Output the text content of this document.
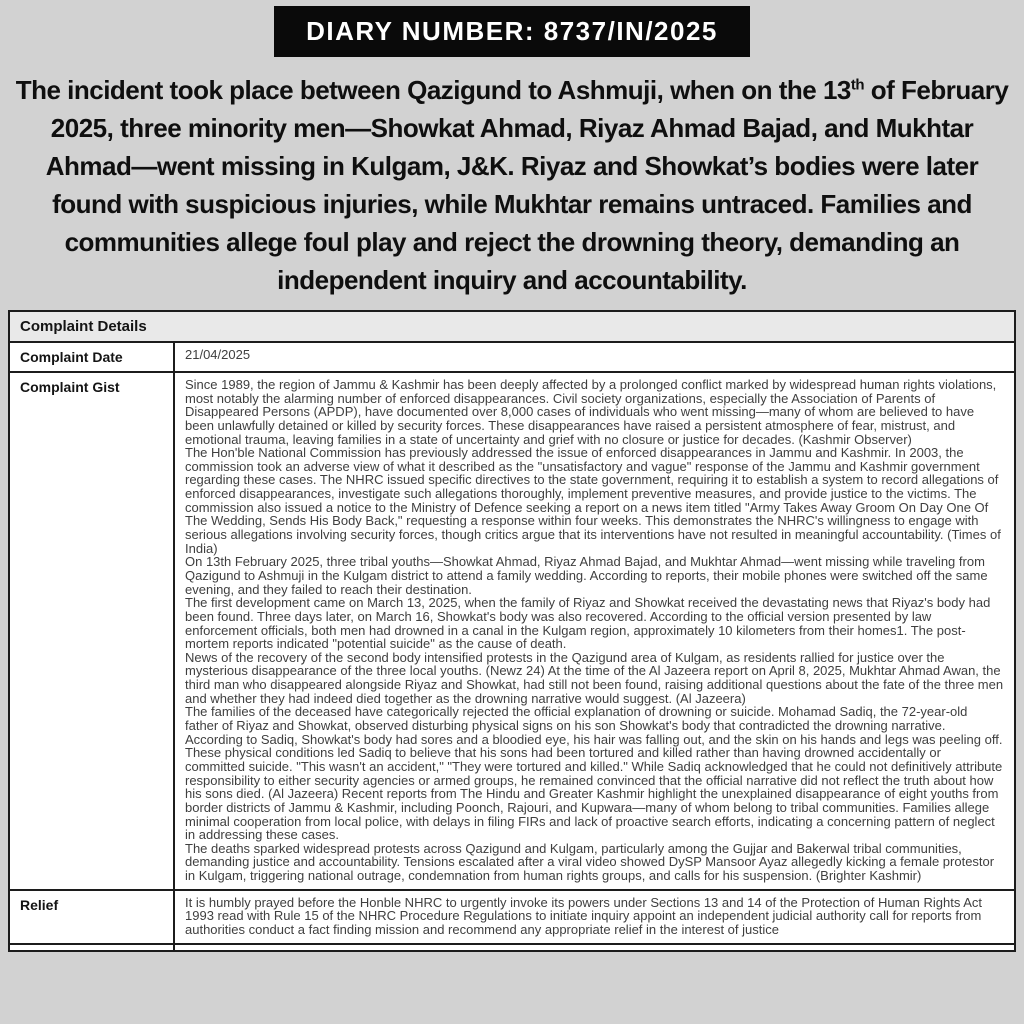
DIARY NUMBER: 8737/IN/2025

The incident took place between Qazigund to Ashmuji, when on the 13th of February 2025, three minority men—Showkat Ahmad, Riyaz Ahmad Bajad, and Mukhtar Ahmad—went missing in Kulgam, J&K. Riyaz and Showkat’s bodies were later found with suspicious injuries, while Mukhtar remains untraced. Families and communities allege foul play and reject the drowning theory, demanding an independent inquiry and accountability.

Complaint Details	
Complaint Date	21/04/2025
Complaint Gist	Since 1989, the region of Jammu & Kashmir has been deeply affected by a prolonged conflict marked by widespread human rights violations, most notably the alarming number of enforced disappearances. Civil society organizations, especially the Association of Parents of Disappeared Persons (APDP), have documented over 8,000 cases of individuals who went missing—many of whom are believed to have been unlawfully detained or killed by security forces. These disappearances have raised a persistent atmosphere of fear, mistrust, and emotional trauma, leaving families in a state of uncertainty and grief with no closure or justice for decades. (Kashmir Observer)
The Hon'ble National Commission has previously addressed the issue of enforced disappearances in Jammu and Kashmir. In 2003, the commission took an adverse view of what it described as the "unsatisfactory and vague" response of the Jammu and Kashmir government regarding these cases. The NHRC issued specific directives to the state government, requiring it to establish a system to record allegations of enforced disappearances, investigate such allegations thoroughly, implement preventive measures, and provide justice to the victims. The commission also issued a notice to the Ministry of Defence seeking a report on a news item titled "Army Takes Away Groom On Day One Of The Wedding, Sends His Body Back," requesting a response within four weeks. This demonstrates the NHRC's willingness to engage with serious allegations involving security forces, though critics argue that its interventions have not resulted in meaningful accountability. (Times of India)
On 13th February 2025, three tribal youths—Showkat Ahmad, Riyaz Ahmad Bajad, and Mukhtar Ahmad—went missing while traveling from Qazigund to Ashmuji in the Kulgam district to attend a family wedding. According to reports, their mobile phones were switched off the same evening, and they failed to reach their destination.
The first development came on March 13, 2025, when the family of Riyaz and Showkat received the devastating news that Riyaz's body had been found. Three days later, on March 16, Showkat's body was also recovered. According to the official version presented by law enforcement officials, both men had drowned in a canal in the Kulgam region, approximately 10 kilometers from their homes1. The post-mortem reports indicated "potential suicide" as the cause of death.
News of the recovery of the second body intensified protests in the Qazigund area of Kulgam, as residents rallied for justice over the mysterious disappearance of the three local youths. (Newz 24) At the time of the Al Jazeera report on April 8, 2025, Mukhtar Ahmad Awan, the third man who disappeared alongside Riyaz and Showkat, had still not been found, raising additional questions about the fate of the three men and whether they had indeed died together as the drowning narrative would suggest. (Al Jazeera)
The families of the deceased have categorically rejected the official explanation of drowning or suicide. Mohamad Sadiq, the 72-year-old father of Riyaz and Showkat, observed disturbing physical signs on his son Showkat's body that contradicted the drowning narrative. According to Sadiq, Showkat's body had sores and a bloodied eye, his hair was falling out, and the skin on his hands and legs was peeling off. These physical conditions led Sadiq to believe that his sons had been tortured and killed rather than having drowned accidentally or committed suicide. "This wasn't an accident," "They were tortured and killed." While Sadiq acknowledged that he could not definitively attribute responsibility to either security agencies or armed groups, he remained convinced that the official narrative did not reflect the truth about how his sons died. (Al Jazeera) Recent reports from The Hindu and Greater Kashmir highlight the unexplained disappearance of eight youths from border districts of Jammu & Kashmir, including Poonch, Rajouri, and Kupwara—many of whom belong to tribal communities. Families allege minimal cooperation from local police, with delays in filing FIRs and lack of proactive search efforts, indicating a concerning pattern of neglect in addressing these cases.
The deaths sparked widespread protests across Qazigund and Kulgam, particularly among the Gujjar and Bakerwal tribal communities, demanding justice and accountability. Tensions escalated after a viral video showed DySP Mansoor Ayaz allegedly kicking a female protestor in Kulgam, triggering national outrage, condemnation from human rights groups, and calls for his suspension. (Brighter Kashmir)

Relief	It is humbly prayed before the Honble NHRC to urgently invoke its powers under Sections 13 and 14 of the Protection of Human Rights Act 1993 read with Rule 15 of the NHRC Procedure Regulations to initiate inquiry appoint an independent judicial authority call for reports from authorities conduct a fact finding mission and recommend any appropriate relief in the interest of justice
